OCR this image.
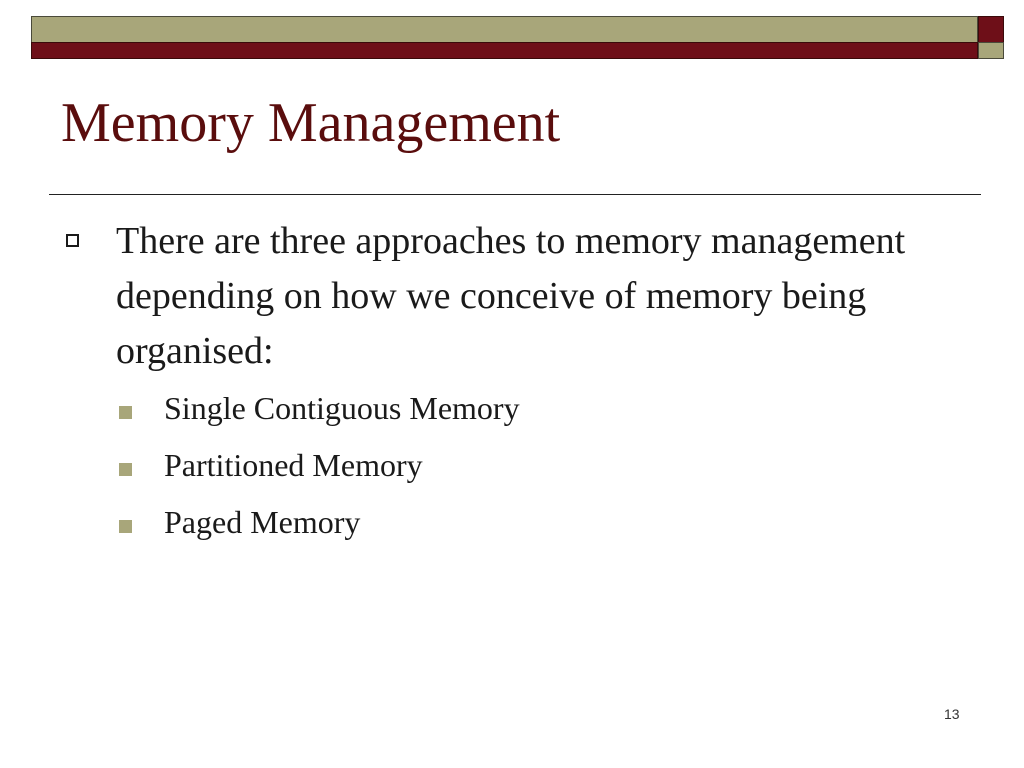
Memory Management

There are three approaches to memory management depending on how we conceive of memory being organised:

Single Contiguous Memory
Partitioned Memory
Paged Memory
13
